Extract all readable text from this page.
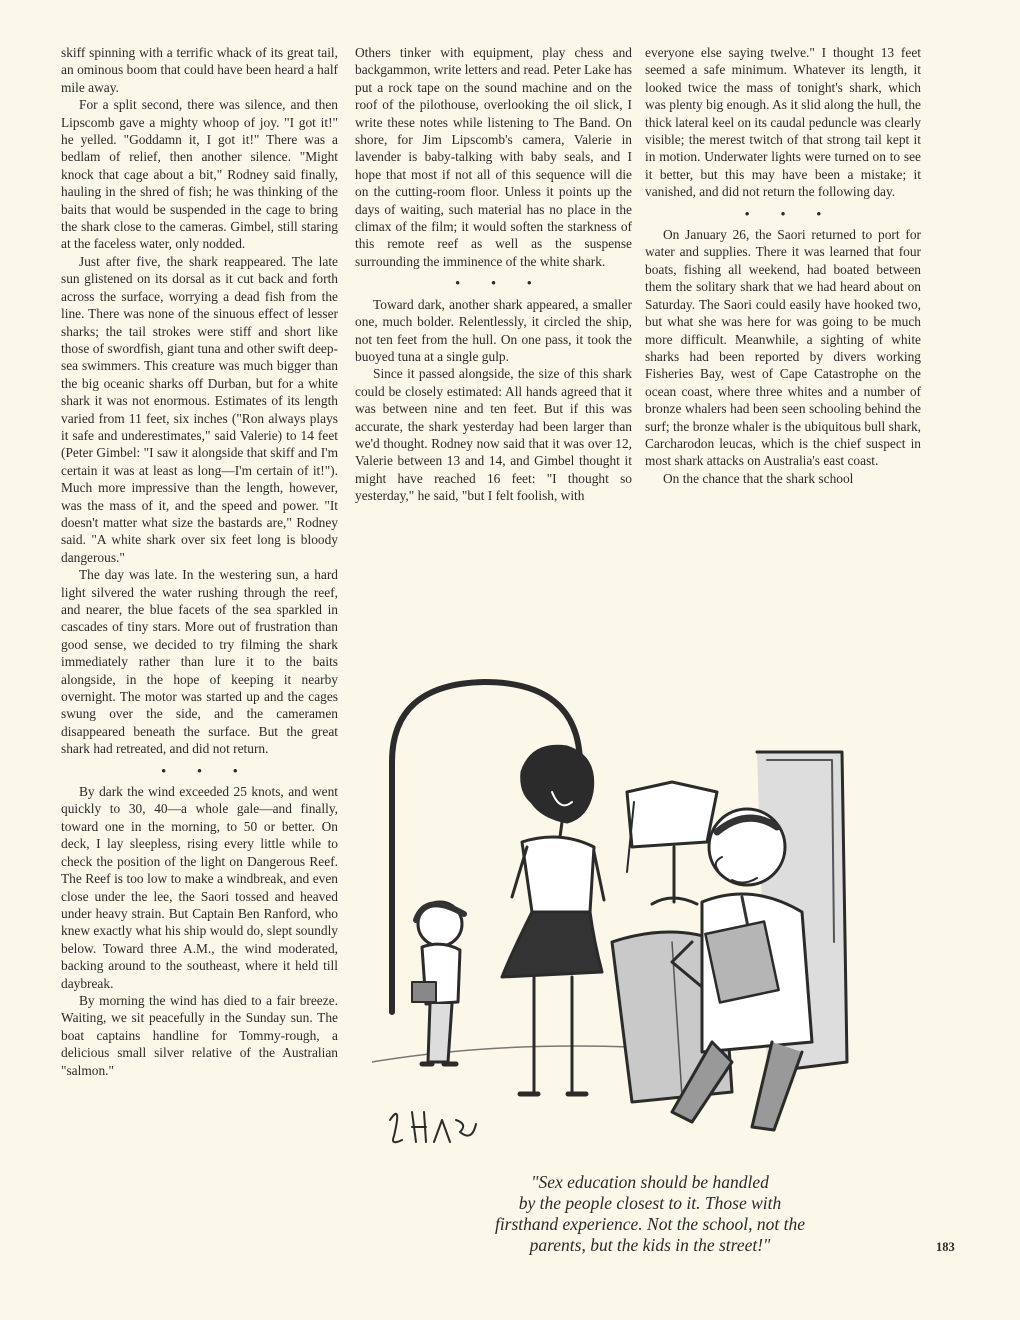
skiff spinning with a terrific whack of its great tail, an ominous boom that could have been heard a half mile away.

For a split second, there was silence, and then Lipscomb gave a mighty whoop of joy. "I got it!" he yelled. "Goddamn it, I got it!" There was a bedlam of relief, then another silence. "Might knock that cage about a bit," Rodney said finally, hauling in the shred of fish; he was thinking of the baits that would be suspended in the cage to bring the shark close to the cameras. Gimbel, still staring at the faceless water, only nodded.

Just after five, the shark reappeared. The late sun glistened on its dorsal as it cut back and forth across the surface, worrying a dead fish from the line. There was none of the sinuous effect of lesser sharks; the tail strokes were stiff and short like those of swordfish, giant tuna and other swift deep-sea swimmers. This creature was much bigger than the big oceanic sharks off Durban, but for a white shark it was not enormous. Estimates of its length varied from 11 feet, six inches ("Ron always plays it safe and underestimates," said Valerie) to 14 feet (Peter Gimbel: "I saw it alongside that skiff and I'm certain it was at least as long—I'm certain of it!"). Much more impressive than the length, however, was the mass of it, and the speed and power. "It doesn't matter what size the bastards are," Rodney said. "A white shark over six feet long is bloody dangerous."

The day was late. In the westering sun, a hard light silvered the water rushing through the reef, and nearer, the blue facets of the sea sparkled in cascades of tiny stars. More out of frustration than good sense, we decided to try filming the shark immediately rather than lure it to the baits alongside, in the hope of keeping it nearby overnight. The motor was started up and the cages swung over the side, and the cameramen disappeared beneath the surface. But the great shark had retreated, and did not return.

• • •

By dark the wind exceeded 25 knots, and went quickly to 30, 40—a whole gale—and finally, toward one in the morning, to 50 or better. On deck, I lay sleepless, rising every little while to check the position of the light on Dangerous Reef. The Reef is too low to make a windbreak, and even close under the lee, the Saori tossed and heaved under heavy strain. But Captain Ben Ranford, who knew exactly what his ship would do, slept soundly below. Toward three A.M., the wind moderated, backing around to the southeast, where it held till daybreak.

By morning the wind has died to a fair breeze. Waiting, we sit peacefully in the Sunday sun. The boat captains handline for Tommy-rough, a delicious small silver relative of the Australian "salmon."

Others tinker with equipment, play chess and backgammon, write letters and read. Peter Lake has put a rock tape on the sound machine and on the roof of the pilothouse, overlooking the oil slick, I write these notes while listening to The Band. On shore, for Jim Lipscomb's camera, Valerie in lavender is baby-talking with baby seals, and I hope that most if not all of this sequence will die on the cutting-room floor. Unless it points up the days of waiting, such material has no place in the climax of the film; it would soften the starkness of this remote reef as well as the suspense surrounding the imminence of the white shark.

• • •

Toward dark, another shark appeared, a smaller one, much bolder. Relentlessly, it circled the ship, not ten feet from the hull. On one pass, it took the buoyed tuna at a single gulp.

Since it passed alongside, the size of this shark could be closely estimated: All hands agreed that it was between nine and ten feet. But if this was accurate, the shark yesterday had been larger than we'd thought. Rodney now said that it was over 12, Valerie between 13 and 14, and Gimbel thought it might have reached 16 feet: "I thought so yesterday," he said, "but I felt foolish, with

everyone else saying twelve." I thought 13 feet seemed a safe minimum. Whatever its length, it looked twice the mass of tonight's shark, which was plenty big enough. As it slid along the hull, the thick lateral keel on its caudal peduncle was clearly visible; the merest twitch of that strong tail kept it in motion. Underwater lights were turned on to see it better, but this may have been a mistake; it vanished, and did not return the following day.

• • •

On January 26, the Saori returned to port for water and supplies. There it was learned that four boats, fishing all weekend, had boated between them the solitary shark that we had heard about on Saturday. The Saori could easily have hooked two, but what she was here for was going to be much more difficult. Meanwhile, a sighting of white sharks had been reported by divers working Fisheries Bay, west of Cape Catastrophe on the ocean coast, where three whites and a number of bronze whalers had been seen schooling behind the surf; the bronze whaler is the ubiquitous bull shark, Carcharodon leucas, which is the chief suspect in most shark attacks on Australia's east coast.

On the chance that the shark school

"Sex education should be handled
by the people closest to it. Those with
firsthand experience. Not the school, not the
parents, but the kids in the street!"	183
